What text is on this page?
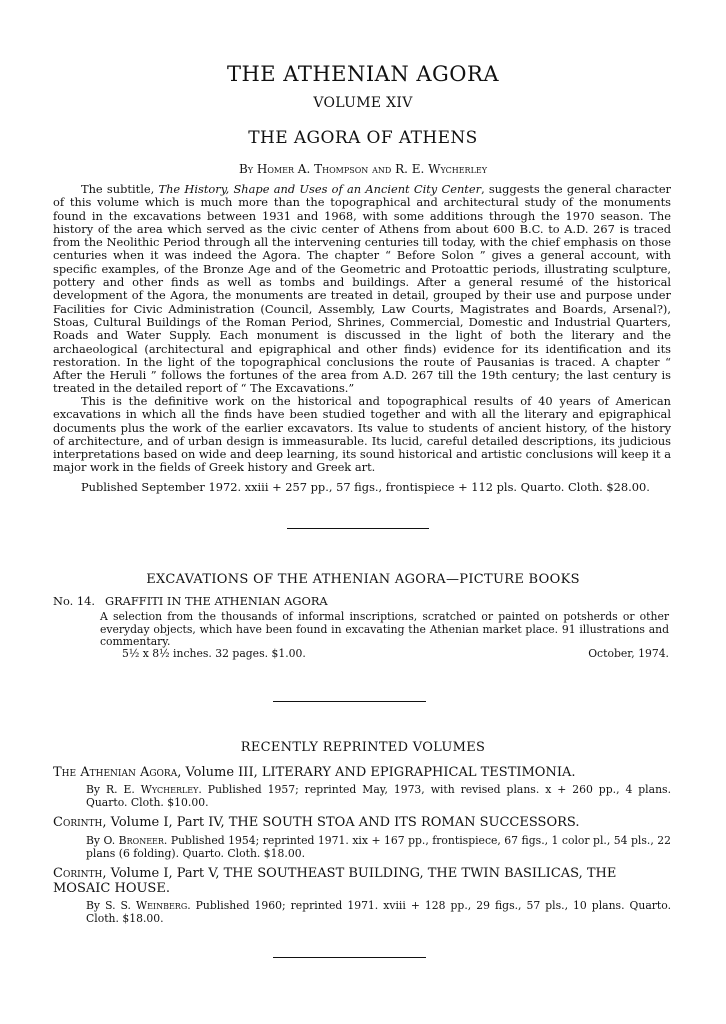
THE ATHENIAN AGORA
VOLUME XIV
THE AGORA OF ATHENS
By Homer A. Thompson and R. E. Wycherley
The subtitle, The History, Shape and Uses of an Ancient City Center, suggests the general character of this volume which is much more than the topographical and architectural study of the monuments found in the excavations between 1931 and 1968, with some additions through the 1970 season. The history of the area which served as the civic center of Athens from about 600 B.C. to A.D. 267 is traced from the Neolithic Period through all the intervening centuries till today, with the chief emphasis on those centuries when it was indeed the Agora. The chapter “ Before Solon ” gives a general account, with specific examples, of the Bronze Age and of the Geometric and Protoattic periods, illustrating sculpture, pottery and other finds as well as tombs and buildings. After a general resumé of the historical development of the Agora, the monuments are treated in detail, grouped by their use and purpose under Facilities for Civic Administration (Council, Assembly, Law Courts, Magistrates and Boards, Arsenal?), Stoas, Cultural Buildings of the Roman Period, Shrines, Commercial, Domestic and Industrial Quarters, Roads and Water Supply. Each monument is discussed in the light of both the literary and the archaeological (architectural and epigraphical and other finds) evidence for its identification and its restoration. In the light of the topographical conclusions the route of Pausanias is traced. A chapter “ After the Heruli ” follows the fortunes of the area from A.D. 267 till the 19th century; the last century is treated in the detailed report of “ The Excavations.”
This is the definitive work on the historical and topographical results of 40 years of American excavations in which all the finds have been studied together and with all the literary and epigraphical documents plus the work of the earlier excavators. Its value to students of ancient history, of the history of architecture, and of urban design is immeasurable. Its lucid, careful detailed descriptions, its judicious interpretations based on wide and deep learning, its sound historical and artistic conclusions will keep it a major work in the fields of Greek history and Greek art.
Published September 1972. xxiii + 257 pp., 57 figs., frontispiece + 112 pls. Quarto. Cloth. $28.00.
EXCAVATIONS OF THE ATHENIAN AGORA—PICTURE BOOKS
No. 14. GRAFFITI IN THE ATHENIAN AGORA
A selection from the thousands of informal inscriptions, scratched or painted on potsherds or other everyday objects, which have been found in excavating the Athenian market place. 91 illustrations and commentary.
5½ x 8½ inches. 32 pages. $1.00.	October, 1974.
RECENTLY REPRINTED VOLUMES
The Athenian Agora, Volume III, LITERARY AND EPIGRAPHICAL TESTIMONIA.
By R. E. Wycherley. Published 1957; reprinted May, 1973, with revised plans. x + 260 pp., 4 plans. Quarto. Cloth. $10.00.
Corinth, Volume I, Part IV, THE SOUTH STOA AND ITS ROMAN SUCCESSORS.
By O. Broneer. Published 1954; reprinted 1971. xix + 167 pp., frontispiece, 67 figs., 1 color pl., 54 pls., 22 plans (6 folding). Quarto. Cloth. $18.00.
Corinth, Volume I, Part V, THE SOUTHEAST BUILDING, THE TWIN BASILICAS, THE MOSAIC HOUSE.
By S. S. Weinberg. Published 1960; reprinted 1971. xviii + 128 pp., 29 figs., 57 pls., 10 plans. Quarto. Cloth. $18.00.
